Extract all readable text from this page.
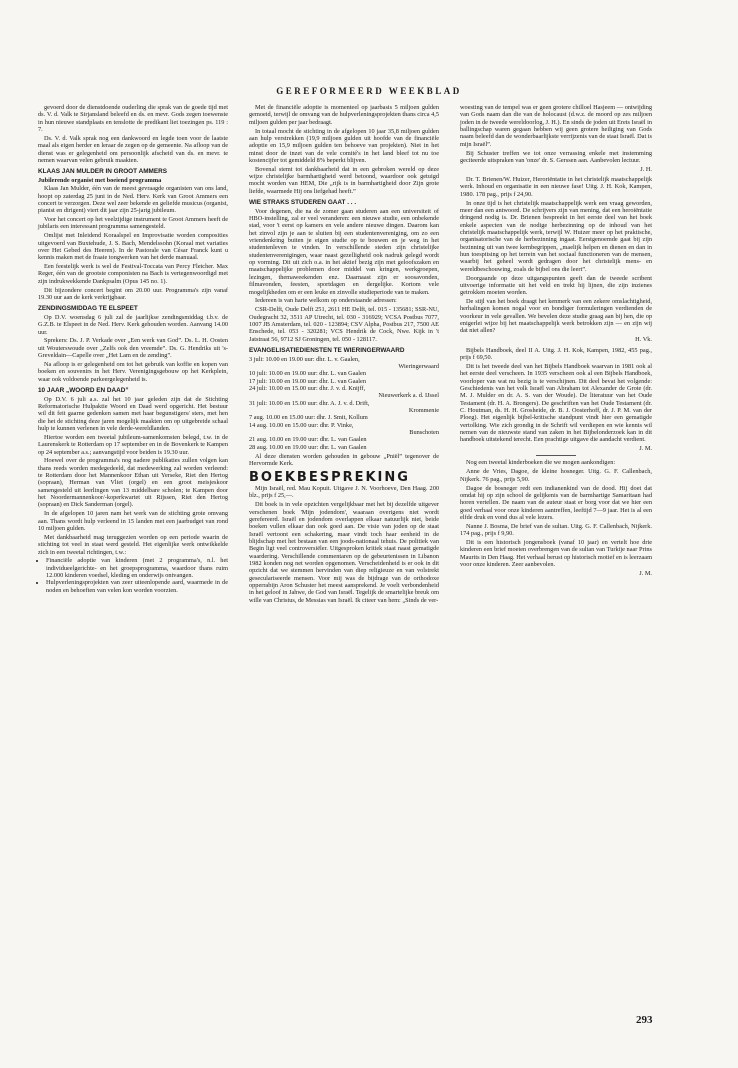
GEREFORMEERD WEEKBLAD

gevoerd door de dienstdoende ouderling die sprak van de goede tijd met ds. V. d. Valk te Sirjansland beleefd en ds. en mevr. Gods zegen toewenste in hun nieuwe standplaats en tenslotte de predikant liet toezingen ps. 119 : 7.

Ds. V. d. Valk sprak nog een dankwoord en legde toen voor de laatste maal als eigen herder en leraar de zegen op de gemeente. Na afloop van de dienst was er gelegenheid om persoonlijk afscheid van ds. en mevr. te nemen waarvan velen gebruik maakten.

KLAAS JAN MULDER IN GROOT AMMERS
Jubilerende organist met boeiend programma

Klaas Jan Mulder, één van de meest gevraagde organisten van ons land, hoopt op zaterdag 25 juni in de Ned. Herv. Kerk van Groot Ammers een concert te verzorgen. Deze wel zeer bekende en geliefde musicus (organist, pianist en dirigent) viert dit jaar zijn 25-jarig jubileum.

Voor het concert op het veelzijdige instrument te Groot Ammers heeft de jubilaris een interessant programma samengesteld.

Omlijst met Inleidend Koraalspel en Improvisatie worden composities uitgevoerd van Buxtehude, J. S. Bach, Mendelssohn (Koraal met variaties over Het Gebed des Heeren). In de Pastorale van César Franck kunt u kennis maken met de fraaie tongwerken van het derde manuaal.

Een feestelijk werk is wel de Festival-Toccata van Percy Fletcher. Max Reger, één van de grootste componisten na Bach is vertegenwoordigd met zijn indrukwekkende Dankpsalm (Opus 145 no. 1).

Dit bijzondere concert begint om 20.00 uur. Programma's zijn vanaf 19.30 uur aan de kerk verkrijgbaar.

ZENDINGSMIDDAG TE ELSPEET

Op D.V. woensdag 6 juli zal de jaarlijkse zendingsmiddag t.b.v. de G.Z.B. te Elspeet in de Ned. Herv. Kerk gehouden worden. Aanvang 14.00 uur.

Sprekers: Ds. J. P. Verkade over „Een werk van God”. Ds. L. H. Oosten uit Wouterswoude over „Zelfs ook den vreemde”. Ds. G. Hendriks uit 's-Greveldain—Capelle over „Het Lam en de zending”.

Na afloop is er gelegenheid om tot het gebruik van koffie en kopen van boeken en souvenirs in het Herv. Verenigingsgebouw op het Kerkplein, waar ook voldoende parkeergelegenheid is.

10 JAAR „WOORD EN DAAD”

Op D.V. 6 juli a.s. zal het 10 jaar geleden zijn dat de Stichting Reformatorische Hulpaktie Woord en Daad werd opgericht. Het bestuur wil dit feit gaarne gedenken samen met haar begunstigers/ sters, met hen die het de stichting deze jaren mogelijk maakten om op uitgebreide schaal hulp te kunnen verlenen in vele derde-wereldlanden.

Hiertoe worden een tweetal jubileum-samenkomsten belegd, t.w. in de Laurenskerk te Rotterdam op 17 september en in de Bovenkerk te Kampen op 24 september a.s.; aanvangstijd voor beiden is 19.30 uur.

Hoewel over de programma's nog nadere publikaties zullen volgen kan thans reeds worden medegedeeld, dat medewerking zal worden verleend: te Rotterdam door het Mannenkoor Ethan uit Yerseke, Riet den Hertog (sopraan), Herman van Vliet (orgel) en een groot meisjeskoor samengesteld uit leerlingen van 13 middelbare scholen; te Kampen door het Noordermannenkoor/-koperkwartet uit Rijssen, Riet den Hertog (sopraan) en Dick Sanderman (orgel).

In de afgelopen 10 jaren nam het werk van de stichting grote omvang aan. Thans wordt hulp verleend in 15 landen met een jaarbudget van rond 10 miljoen gulden.

Met dankbaarheid mag teruggezien worden op een periode waarin de stichting tot veel in staat werd gesteld. Het eigenlijke werk ontwikkelde zich in een tweetal richtingen, t.w.:

• Financiële adoptie van kinderen (met 2 programma's, n.l. het individueelgerichte- en het groepsprogramma, waardoor thans ruim 12.000 kinderen voedsel, kleding en onderwijs ontvangen.
• Hulpverleningsprojekten van zeer uiteenlopende aard, waarmede in de noden en behoeften van velen kon worden voorzien.

Met de financiële adoptie is momenteel op jaarbasis 5 miljoen gulden gemoeid, terwijl de omvang van de hulpverleningsprojekten thans circa 4,5 miljoen gulden per jaar bedraagt.

In totaal mocht de stichting in de afgelopen 10 jaar 35,8 miljoen gulden aan hulp verstrekken (19,9 miljoen gulden uit hoofde van de financiële adoptie en 15,9 miljoen gulden ten behoeve van projekten). Niet in het minst door de inzet van de vele comité's in het land bleef tot nu toe kostencijfer tot gemiddeld 8% beperkt blijven.

Bovenal stemt tot dankbaarheid dat in een gebroken wereld op deze wijze christelijke barmhartigheid werd betoond, waardoor ook getuigd mocht worden van HEM, Die „rijk is in barmhartigheid door Zijn grote liefde, waarmede Hij ons liefgehad heeft.”

WIE STRAKS STUDEREN GAAT . . .

Voor degenen, die na de zomer gaan studeren aan een universiteit of HBO-instelling, zal er veel veranderen: een nieuwe studie, een onbekende stad, voor 't eerst op kamers en vele andere nieuwe dingen. Daarom kan het zinvol zijn je aan te sluiten bij een studentenvereniging, om zo een vriendenkring buiten je eigen studie op te bouwen en je weg in het studentenleven te vinden. In verschillende steden zijn christelijke studentenverenigingen, waar naast gezelligheid ook nadruk gelegd wordt op vorming. Dit uit zich o.a. in het aktief bezig zijn met geloofszaken en maatschappelijke problemen door middel van kringen, werkgroepen, lezingen, themaweekenden enz. Daarnaast zijn er soosavonden, filmavonden, feesten, sportdagen en dergelijke. Kortom vele mogelijkheden om er een leuke en zinvolle studieperiode van te maken.

Iedereen is van harte welkom op onderstaande adressen:

CSR-Delft, Oude Delft 251, 2611 HE Delft, tel. 015 - 135681; SSR-NU, Oudegracht 32, 3511 AP Utrecht, tel. 030 - 316929; VCSA Postbus 7077, 1007 JB Amsterdam, tel. 020 - 123894; CSV Alpha, Postbus 217, 7500 AE Enschede, tel. 053 - 320281; VCS Hendrik de Cock, Nwe. Kijk in 't Jatstraat 56, 9712 SJ Groningen, tel. 050 - 128117.

EVANGELISATIEDIENSTEN TE WIERINGERWAARD
3 juli: 10.00 en 19.00 uur: dhr. L. v. Gaalen,
Wieringerwaard
10 juli: 10.00 en 19.00 uur: dhr. L. van Gaalen
17 juli: 10.00 en 19.00 uur: dhr. L. van Gaalen
24 juli: 10.00 en 15.00 uur: dhr. J. v. d. Knijff,
Nieuwerkerk a. d. IJssel
31 juli: 10.00 en 15.00 uur: dhr. A. J. v. d. Drift,
Krommenie
7 aug. 10.00 en 15.00 uur: dhr. J. Smit, Kollum
14 aug. 10.00 en 15.00 uur: dhr. P. Vinke,
Bunschoten
21 aug. 10.00 en 19.00 uur: dhr. L. van Gaalen
28 aug. 10.00 en 19.00 uur: dhr. L. van Gaalen

Al deze diensten worden gehouden in gebouw „Pniël” tegenover de Hervormde Kerk.

BOEKBESPREKING

Mijn Israël, red. Mau Kopuit. Uitgave J. N. Voorhoeve, Den Haag. 200 blz., prijs f 25,—.

Dit boek is in vele opzichten vergelijkbaar met het bij dezelfde uitgever verschenen boek 'Mijn jodendom', waaraan overigens niet wordt gerefereerd. Israël en jodendom overlappen elkaar natuurlijk niet, beide boeken vullen elkaar dan ook goed aan. De visie van joden op de staat Israël vertoont een schakering, maar vindt toch haar eenheid in de blijdschap met het bestaan van een joods-nationaal tehuis. De politiek van Begin ligt veel controversiëler. Uitgesproken kritiek staat naast gematigde waardering. Verschillende commentaren op de gebeurtenissen in Libanon 1982 konden nog net worden opgenomen. Verscheidenheid is er ook in dit opzicht dat we stemmen hervinden van diep religieuze en van volstrekt geseculariseerde mensen. Voor mij was de bijdrage van de orthodoxe opperrabijn Aron Schuster het meest aansprekend. Je voelt verbondenheid in het geloof in Jahwe, de God van Israël. Tegelijk de smartelijke breuk om wille van Christus, de Messias van Israël. Ik citeer van hem: „Sinds de ver-

woesting van de tempel was er geen grotere chilloel Hasjeem — ontwijding van Gods naam dan die van de holocaust (d.w.z. de moord op zes miljoen joden in de tweede wereldoorlog, J. H.). En sinds de joden uit Erets Israël in ballingschap waren gegaan hebben wij geen grotere heiliging van Gods naam beleefd dan de wonderbaarlijkste verrijzenis van de staat Israël. Dat is mijn Israël”.

Bij Schuster treffen we tot onze verrassing enkele met instemming geciteerde uitspraken van 'onze' dr. S. Gerssen aan. Aanbevolen lectuur.

J. H.

Dr. T. Brienen/W. Huizer, Heroriëntatie in het christelijk maatschappelijk werk. Inhoud en organisatie in een nieuwe fase! Uitg. J. H. Kok, Kampen, 1980. 178 pag., prijs f 24,90.

In onze tijd is het christelijk maatschappelijk werk een vraag geworden, meer dan een antwoord. De schrijvers zijn van mening, dat een heroiëntatie dringend nodig is. Dr. Brienen bespreekt in het eerste deel van het boek enkele aspecten van de nodige herbezinning op de inhoud van het christelijk maatschappelijk werk, terwijl W. Huizer meer op het praktische, organisatorische van de herbezinning ingaat. Eerstgenoemde gaat bij zijn bezinning uit van twee kernbegrippen, „maelijk helpen en dienen en dan in hun toespitsing op het terrein van het sociaal functioneren van de mensen, waarbij het geheel wordt gedragen door het christelijk mens- en wereldbeschouwing, zoals de bijbel ons die leert”.

Doorgaande op deze uitgangspunten geeft dan de tweede scribent uitvoerige informatie uit het veld en trekt hij lijnen, die zijn inzienes getrokken moeten worden.

De stijl van het boek draagt het kenmerk van een zekere omslachtigheid, herhalingen komen nogal voor en bondiger formuleringen verdienden de voorkeur in vele gevallen. We bevelen deze studie graag aan bij hen, die op enigerlei wijze bij het maatschappelijk werk betrokken zijn — en zijn wij dat niet allen?

H. Vk.

Bijbels Handboek, deel II A. Uitg. J. H. Kok, Kampen, 1982, 455 pag., prijs f 69,50.

Dit is het tweede deel van het Bijbels Handboek waarvan in 1981 ook al het eerste deel verscheen. In 1935 verscheen ook al een Bijbels Handboek, voorloper van wat nu bezig is te verschijnen. Dit deel bevat het volgende: Geschiedenis van het volk Israël van Abraham tot Alexander de Grote (dr. M. J. Mulder en dr. A. S. van der Woude). De literatuur van het Oude Testament (dr. H. A. Brongers). De geschriften van het Oude Testament (dr. C. Houtman, ds. H. H. Grosheide, dr. B. J. Oosterhoff, dr. J. P. M. van der Ploeg). Het eigenlijk bijbel-kritische standpunt vindt hier een gematigde vertolking. Wie zich grondig in de Schrift wil verdiepen en wie kennis wil nemen van de nieuwste stand van zaken in het Bijbelonderzoek kan in dit handboek uitstekend terecht. Een prachtige uitgave die aandacht verdient.

J. M.

Nog een tweetal kinderboeken die we mogen aankondigen:

Anne de Vries, Dagoe, de kleine hosneger. Uitg. G. F. Callenbach, Nijkerk. 76 pag., prijs 5,90.

Dagoe de bosneger redt een indianenkind van de dood. Hij doet dat omdat hij op zijn school de gelijkenis van de barmhartige Samaritaan had horen vertellen. De naam van de auteur staat er borg voor dat we hier een goed verhaal voor onze kinderen aantreffen, leeftijd 7—9 jaar. Het is al een elfde druk en vond dus al vele lezers.

Nanne J. Bosma, De brief van de sultan. Uitg. G. F. Callenbach, Nijkerk. 174 pag., prijs f 9,90.

Dit is een historisch jongensboek (vanaf 10 jaar) en vertelt hoe drie kinderen een brief moeten overbrengen van de sultan van Turkije naar Prins Maurits in Den Haag. Het verhaal berust op historisch motief en is leerzaam voor onze kinderen. Zeer aanbevolen.

J. M.
293
